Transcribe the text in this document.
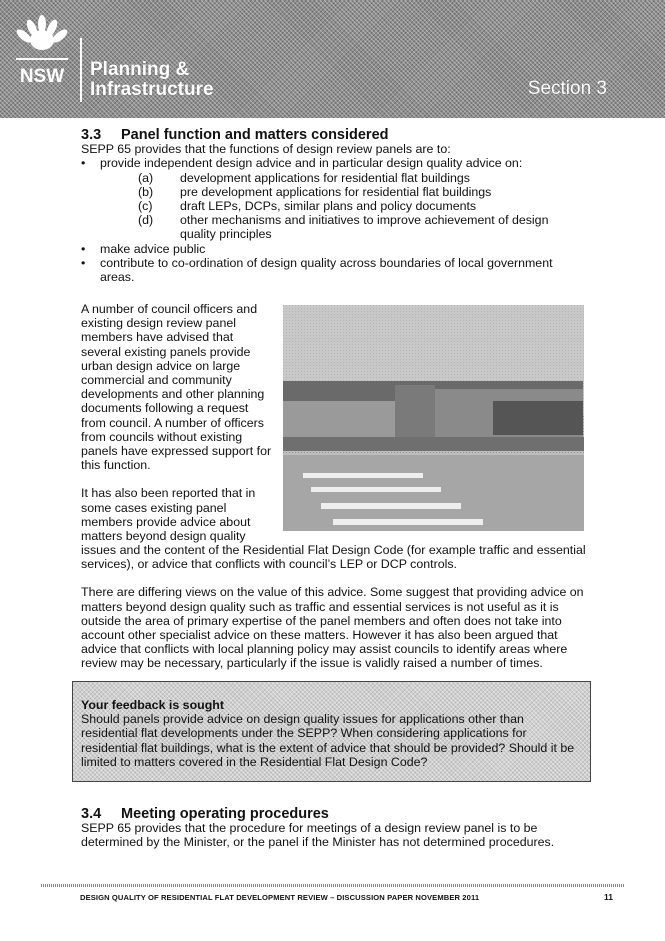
NSW Planning &
Infrastructure	Section 3
3.3 Panel function and matters considered

SEPP 65 provides that the functions of design review panels are to:

• provide independent design advice and in particular design quality advice on:
(a)	development applications for residential flat buildings
(b)	pre development applications for residential flat buildings
(c)	draft LEPs, DCPs, similar plans and policy documents
(d)	other mechanisms and initiatives to improve achievement of design quality principles
• make advice public
• contribute to co-ordination of design quality across boundaries of local government areas.

A number of council officers and existing design review panel members have advised that several existing panels provide urban design advice on large commercial and community developments and other planning documents following a request from council. A number of officers from councils without existing panels have expressed support for this function.

It has also been reported that in some cases existing panel members provide advice about matters beyond design quality

issues and the content of the Residential Flat Design Code (for example traffic and essential services), or advice that conflicts with council’s LEP or DCP controls.

There are differing views on the value of this advice. Some suggest that providing advice on matters beyond design quality such as traffic and essential services is not useful as it is outside the area of primary expertise of the panel members and often does not take into account other specialist advice on these matters. However it has also been argued that advice that conflicts with local planning policy may assist councils to identify areas where review may be necessary, particularly if the issue is validly raised a number of times.

Your feedback is sought
Should panels provide advice on design quality issues for applications other than residential flat developments under the SEPP? When considering applications for residential flat buildings, what is the extent of advice that should be provided? Should it be limited to matters covered in the Residential Flat Design Code?
3.4 Meeting operating procedures

SEPP 65 provides that the procedure for meetings of a design review panel is to be determined by the Minister, or the panel if the Minister has not determined procedures.

DESIGN QUALITY OF RESIDENTIAL FLAT DEVELOPMENT REVIEW – DISCUSSION PAPER NOVEMBER 2011	11
